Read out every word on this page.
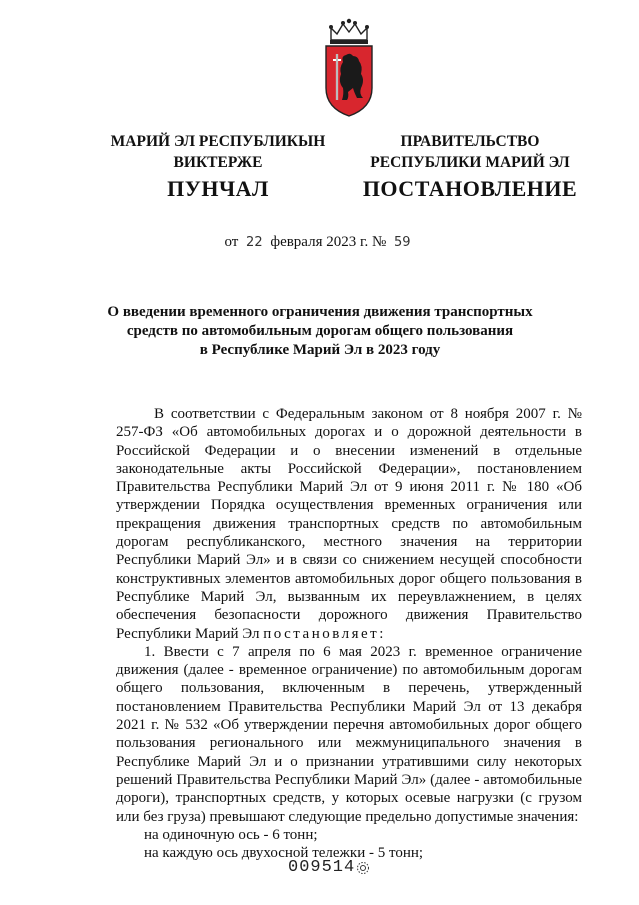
МАРИЙ ЭЛ РЕСПУБЛИКЫН
ВИКТЕРЖЕ
ПРАВИТЕЛЬСТВО
РЕСПУБЛИКИ МАРИЙ ЭЛ
ПУНЧАЛ	ПОСТАНОВЛЕНИЕ
от 22 февраля 2023 г. № 59
О введении временного ограничения движения транспортных
средств по автомобильным дорогам общего пользования
в Республике Марий Эл в 2023 году

В соответствии с Федеральным законом от 8 ноября 2007 г. № 257-ФЗ «Об автомобильных дорогах и о дорожной деятельности в Российской Федерации и о внесении изменений в отдельные законодательные акты Российской Федерации», постановлением Правительства Республики Марий Эл от 9 июня 2011 г. № 180 «Об утверждении Порядка осуществления временных ограничения или прекращения движения транспортных средств по автомобильным дорогам республиканского, местного значения на территории Республики Марий Эл» и в связи со снижением несущей способности конструктивных элементов автомобильных дорог общего пользования в Республике Марий Эл, вызванным их переувлажнением, в целях обеспечения безопасности дорожного движения Правительство Республики Марий Эл постановляет:

1. Ввести с 7 апреля по 6 мая 2023 г. временное ограничение движения (далее - временное ограничение) по автомобильным дорогам общего пользования, включенным в перечень, утвержденный постановлением Правительства Республики Марий Эл от 13 декабря 2021 г. № 532 «Об утверждении перечня автомобильных дорог общего пользования регионального или межмуниципального значения в Республике Марий Эл и о признании утратившими силу некоторых решений Правительства Республики Марий Эл» (далее - автомобильные дороги), транспортных средств, у которых осевые нагрузки (с грузом или без груза) превышают следующие предельно допустимые значения:

на одиночную ось - 6 тонн;

на каждую ось двухосной тележки - 5 тонн;

009514
